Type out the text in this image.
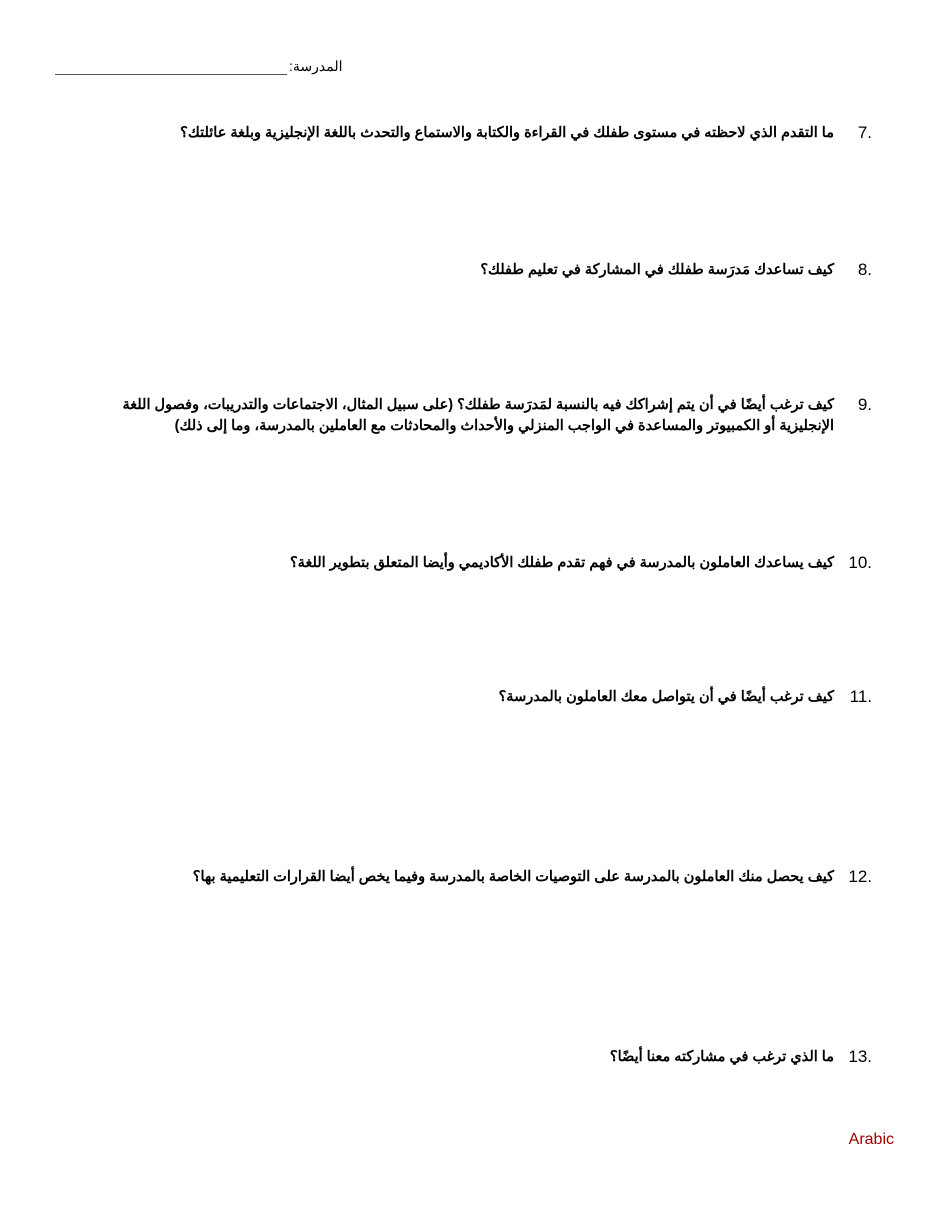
المدرسة:
7.
ما التقدم الذي لاحظته في مستوى طفلك في القراءة والكتابة والاستماع والتحدث باللغة الإنجليزية وبلغة عائلتك؟
8.
كيف تساعدك مَدرَسة طفلك في المشاركة في تعليم طفلك؟
9.
كيف ترغب أيضًا في أن يتم إشراكك فيه بالنسبة لمَدرَسة طفلك؟ (على سبيل المثال، الاجتماعات والتدريبات، وفصول اللغة الإنجليزية أو الكمبيوتر والمساعدة في الواجب المنزلي والأحداث والمحادثات مع العاملين بالمدرسة، وما إلى ذلك)
10.
كيف يساعدك العاملون بالمدرسة في فهم تقدم طفلك الأكاديمي وأيضا المتعلق بتطوير اللغة؟
11.
كيف ترغب أيضًا في أن يتواصل معك العاملون بالمدرسة؟
12.
كيف يحصل منك العاملون بالمدرسة على التوصيات الخاصة بالمدرسة وفيما يخص أيضا القرارات التعليمية بها؟
13.
ما الذي ترغب في مشاركته معنا أيضًا؟
Arabic
